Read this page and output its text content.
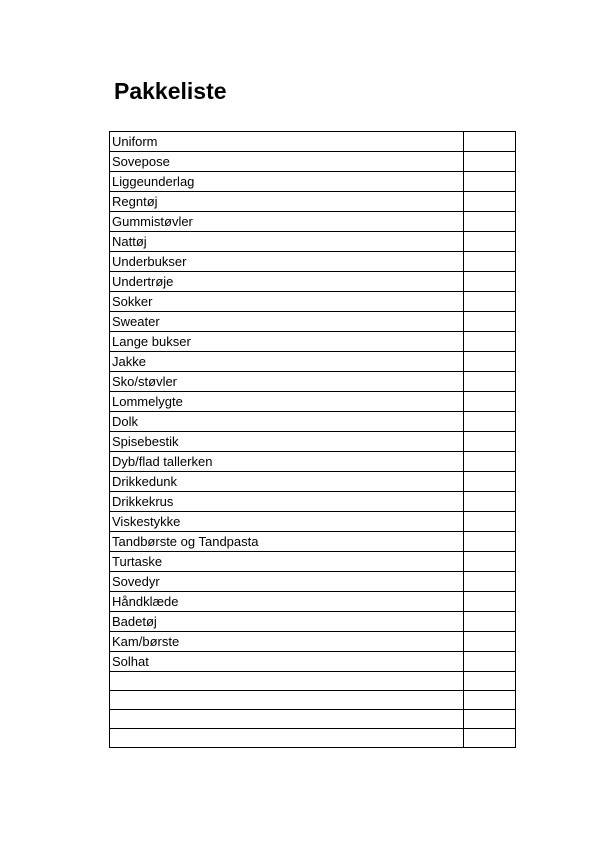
Pakkeliste
Uniform	
Sovepose	
Liggeunderlag	
Regntøj	
Gummistøvler	
Nattøj	
Underbukser	
Undertrøje	
Sokker	
Sweater	
Lange bukser	
Jakke	
Sko/støvler	
Lommelygte	
Dolk	
Spisebestik	
Dyb/flad tallerken	
Drikkedunk	
Drikkekrus	
Viskestykke	
Tandbørste og Tandpasta	
Turtaske	
Sovedyr	
Håndklæde	
Badetøj	
Kam/børste	
Solhat	
